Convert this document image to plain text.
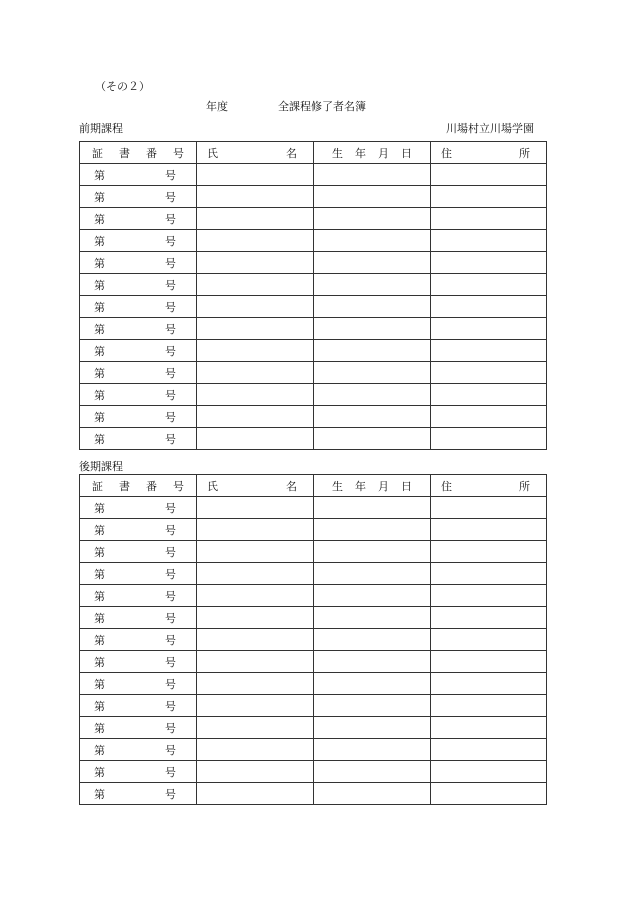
（その２）
年度	全課程修了者名簿
前期課程	川場村立川場学園
後期課程
証 書 番 号	氏 名	生 年 月 日	住 所

第 号			

第 号			

第 号			

第 号			

第 号			

第 号			

第 号			

第 号			

第 号			

第 号			

第 号			

第 号			

第 号			

証 書 番 号	氏 名	生 年 月 日	住 所

第 号			

第 号			

第 号			

第 号			

第 号			

第 号			

第 号			

第 号			

第 号			

第 号			

第 号			

第 号			

第 号			

第 号			
